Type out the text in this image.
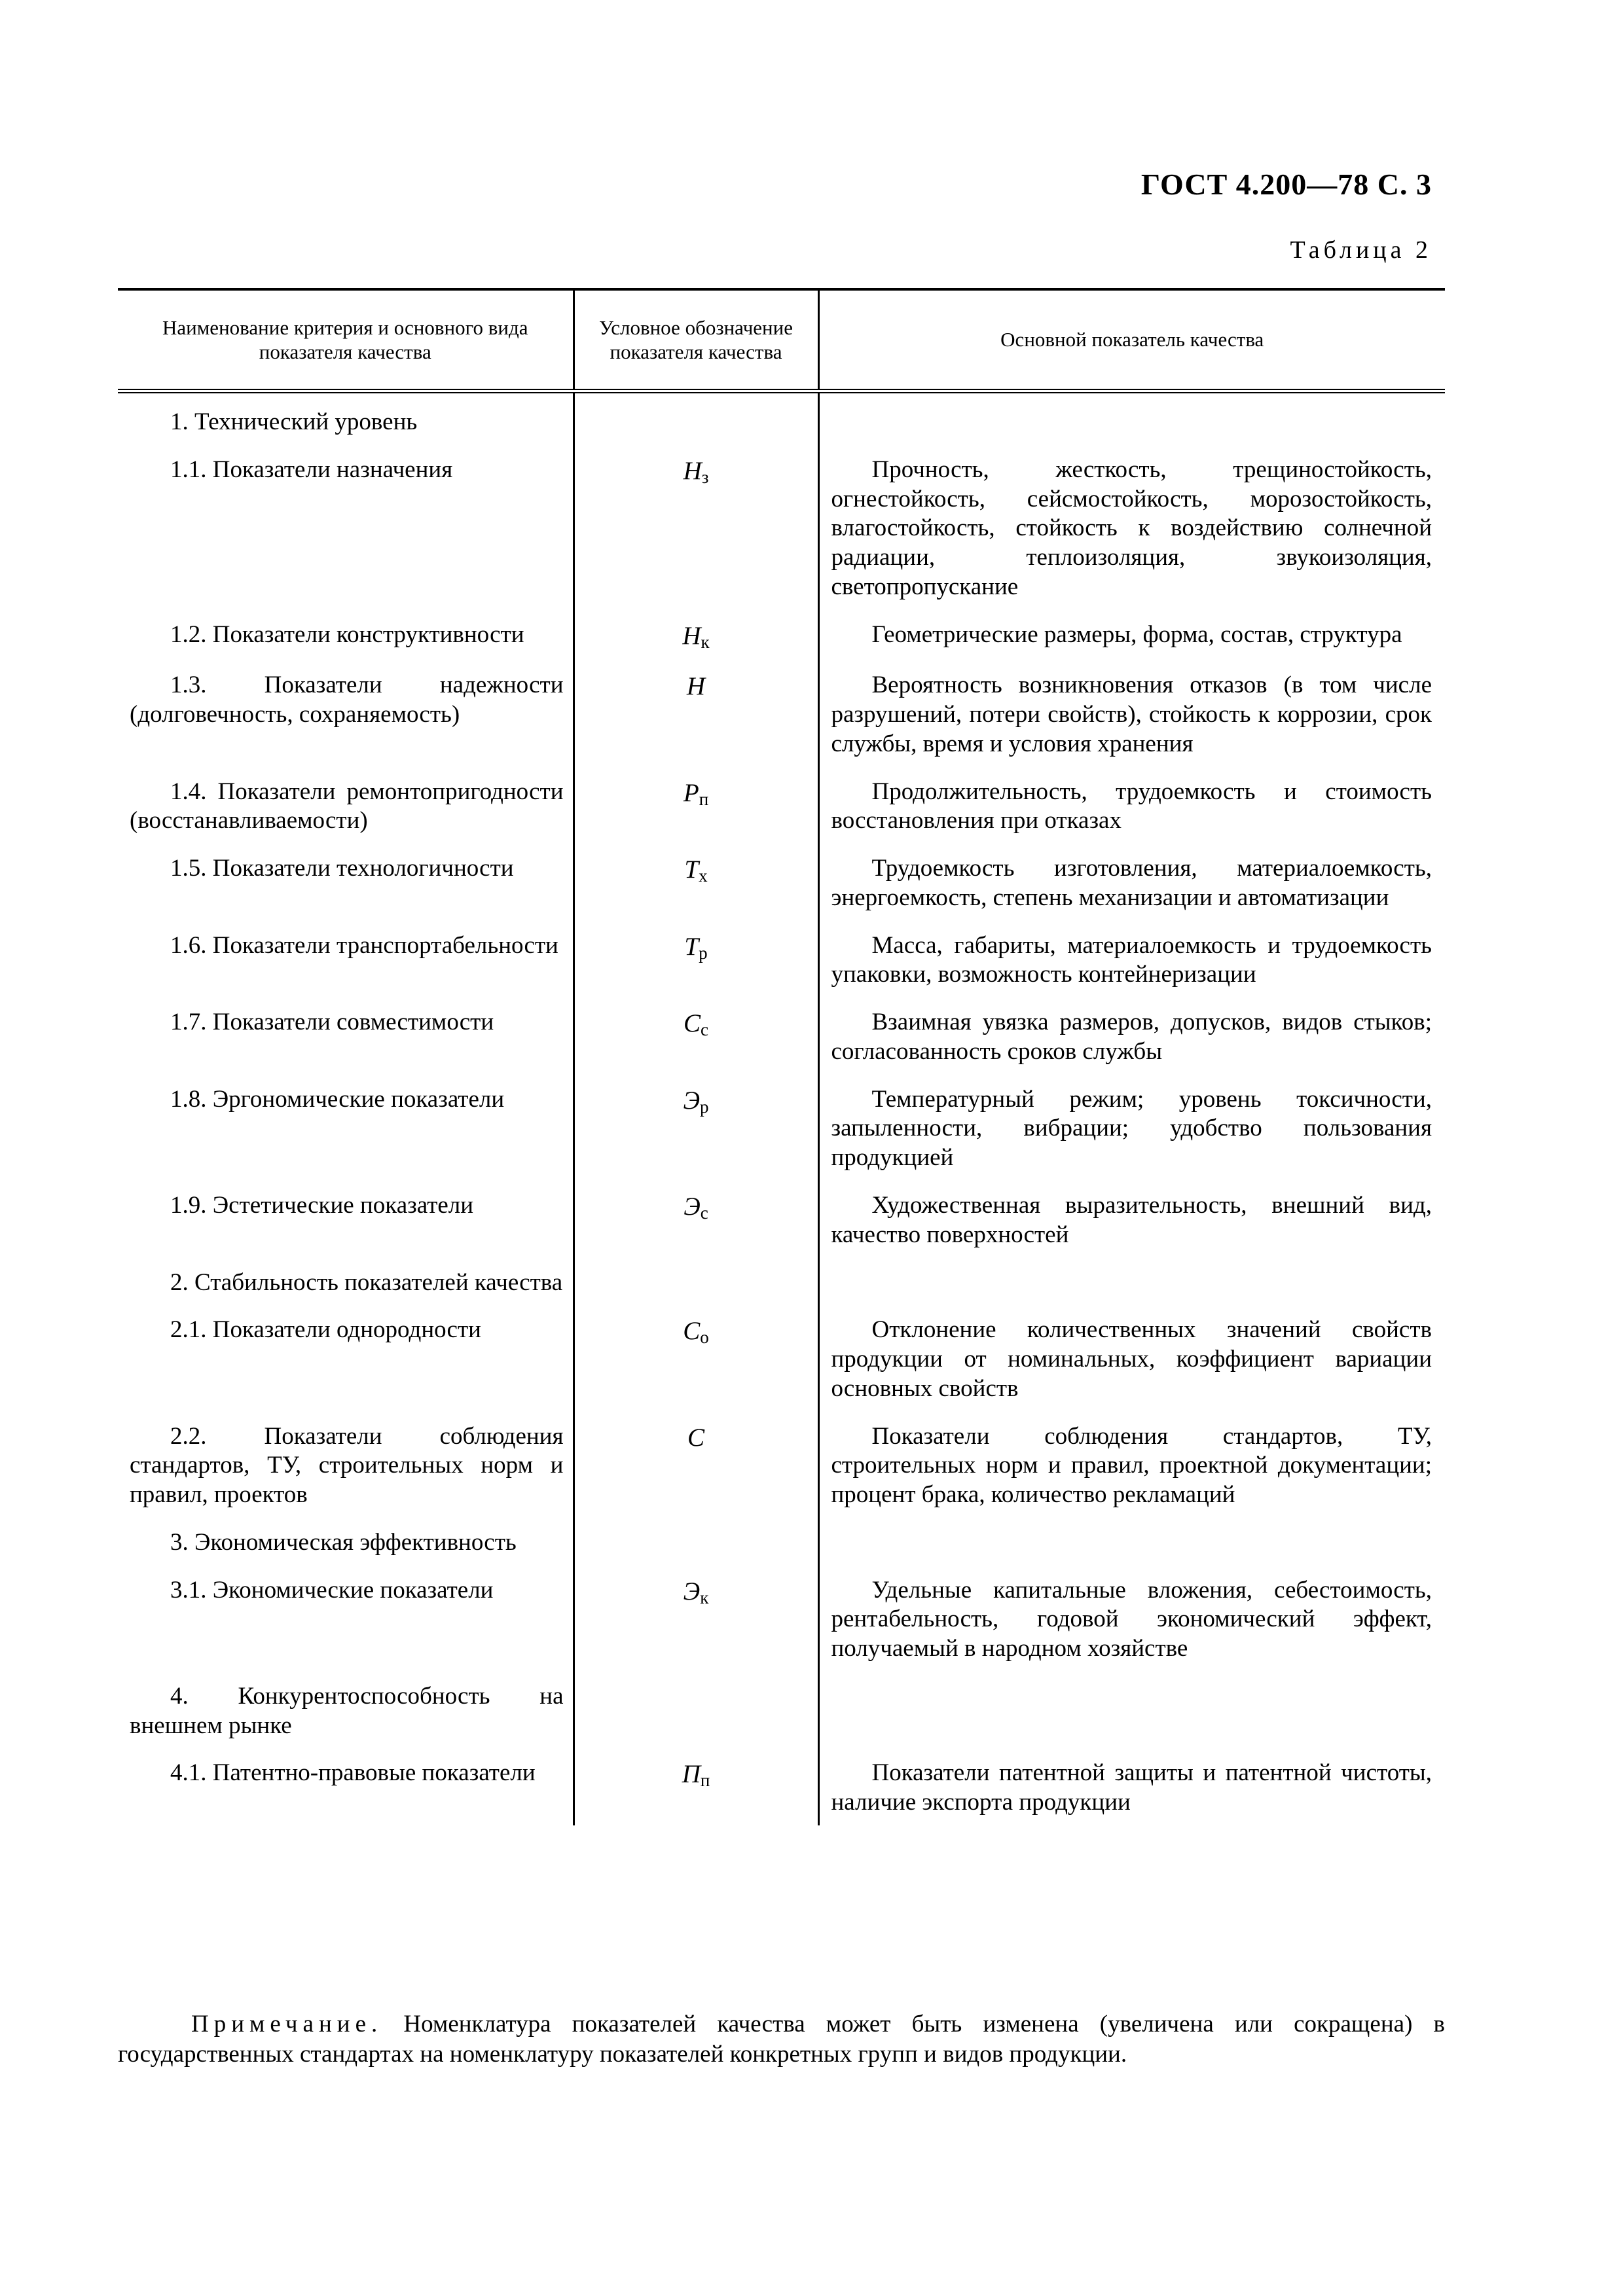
ГОСТ 4.200—78 С. 3
Таблица 2
Наименование критерия и основного вида показателя качества	Условное обозначение показателя качества	Основной показатель качества
1. Технический уровень		
1.1. Показатели назначения	$Н_з$	Прочность, жесткость, трещиностойкость, огнестойкость, сейсмостойкость, морозостойкость, влагостойкость, стойкость к воздействию солнечной радиации, теплоизоляция, звукоизоляция, светопропускание
1.2. Показатели конструктивности	$Н_к$	Геометрические размеры, форма, состав, структура
1.3. Показатели надежности (долговечность, сохраняемость)	Н	Вероятность возникновения отказов (в том числе разрушений, потери свойств), стойкость к коррозии, срок службы, время и условия хранения
1.4. Показатели ремонтопригодности (восстанавливаемости)	$Р_п$	Продолжительность, трудоемкость и стоимость восстановления при отказах
1.5. Показатели технологичности	$Т_х$	Трудоемкость изготовления, материалоемкость, энергоемкость, степень механизации и автоматизации
1.6. Показатели транспортабельности	$Т_р$	Масса, габариты, материалоемкость и трудоемкость упаковки, возможность контейнеризации
1.7. Показатели совместимости	$С_с$	Взаимная увязка размеров, допусков, видов стыков; согласованность сроков службы
1.8. Эргономические показатели	$Э_р$	Температурный режим; уровень токсичности, запыленности, вибрации; удобство пользования продукцией
1.9. Эстетические показатели	$Э_с$	Художественная выразительность, внешний вид, качество поверхностей
2. Стабильность показателей качества		
2.1. Показатели однородности	$С_о$	Отклонение количественных значений свойств продукции от номинальных, коэффициент вариации основных свойств
2.2. Показатели соблюдения стандартов, ТУ, строительных норм и правил, проектов	С	Показатели соблюдения стандартов, ТУ, строительных норм и правил, проектной документации; процент брака, количество рекламаций
3. Экономическая эффективность		
3.1. Экономические показатели	$Э_к$	Удельные капитальные вложения, себестоимость, рентабельность, годовой экономический эффект, получаемый в народном хозяйстве
4. Конкурентоспособность на внешнем рынке		
4.1. Патентно-правовые показатели	$П_п$	Показатели патентной защиты и патентной чистоты, наличие экспорта продукции
Примечание. Номенклатура показателей качества может быть изменена (увеличена или сокращена) в государственных стандартах на номенклатуру показателей конкретных групп и видов продукции.
